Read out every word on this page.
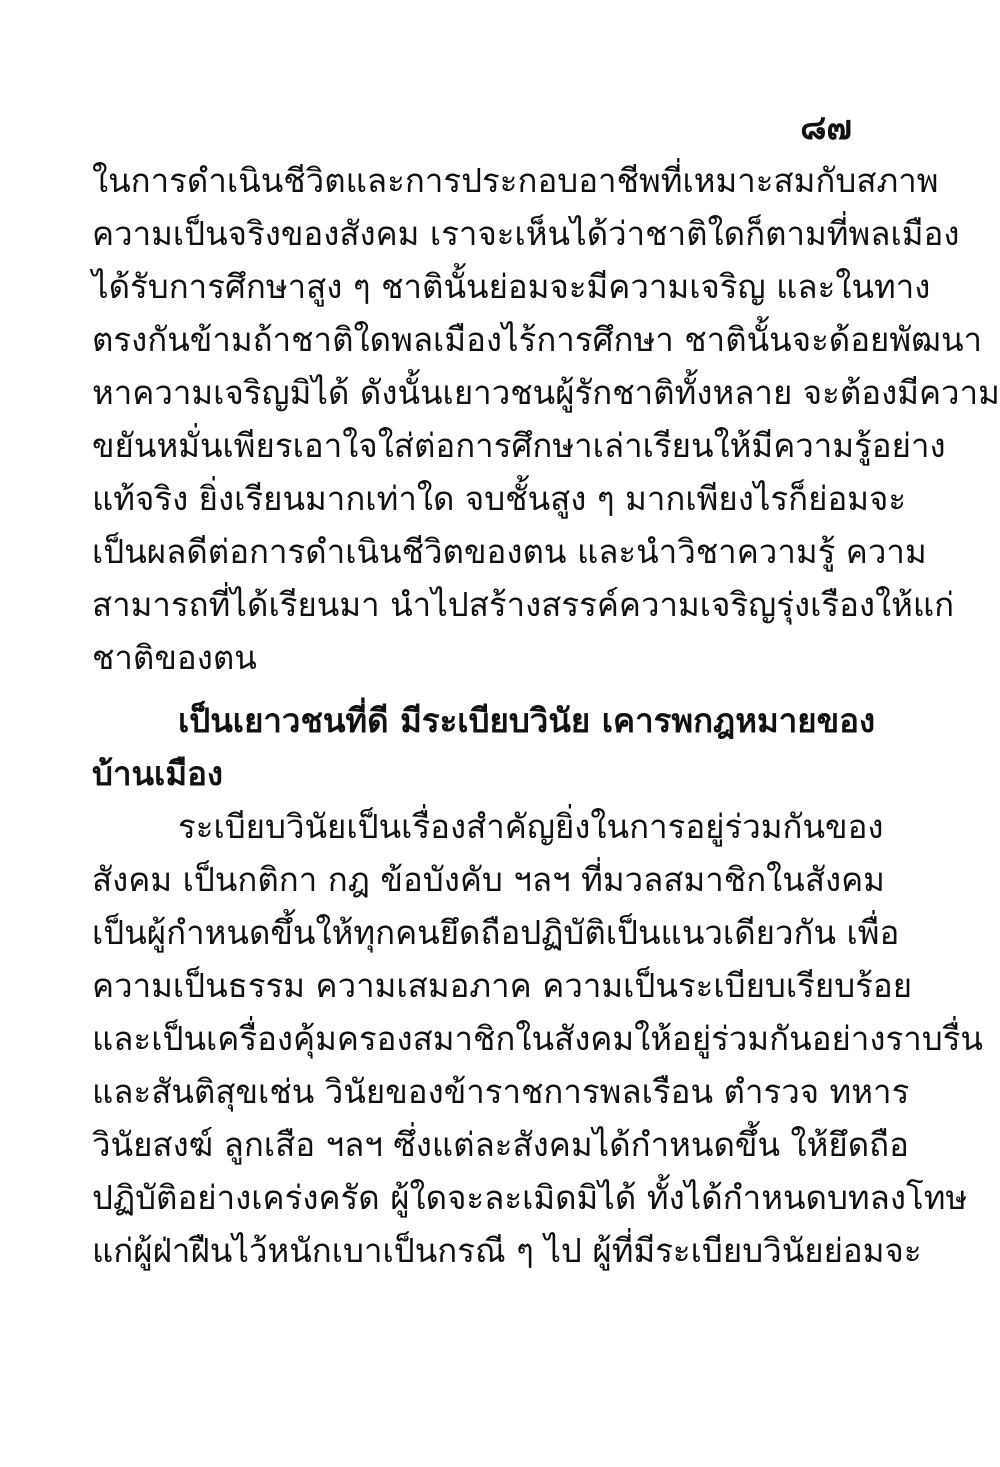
๘๗
ในการดำเนินชีวิตและการประกอบอาชีพที่เหมาะสมกับสภาพ
ความเป็นจริงของสังคม เราจะเห็นได้ว่าชาติใดก็ตามที่พลเมือง
ได้รับการศึกษาสูง ๆ ชาตินั้นย่อมจะมีความเจริญ และในทาง
ตรงกันข้ามถ้าชาติใดพลเมืองไร้การศึกษา ชาตินั้นจะด้อยพัฒนา
หาความเจริญมิได้ ดังนั้นเยาวชนผู้รักชาติทั้งหลาย จะต้องมีความ
ขยันหมั่นเพียรเอาใจใส่ต่อการศึกษาเล่าเรียนให้มีความรู้อย่าง
แท้จริง ยิ่งเรียนมากเท่าใด จบชั้นสูง ๆ มากเพียงไรก็ย่อมจะ
เป็นผลดีต่อการดำเนินชีวิตของตน และนำวิชาความรู้ ความ
สามารถที่ได้เรียนมา นำไปสร้างสรรค์ความเจริญรุ่งเรืองให้แก่
ชาติของตน
เป็นเยาวชนที่ดี มีระเบียบวินัย เคารพกฎหมายของ
บ้านเมือง
ระเบียบวินัยเป็นเรื่องสำคัญยิ่งในการอยู่ร่วมกันของ
สังคม เป็นกติกา กฎ ข้อบังคับ ฯลฯ ที่มวลสมาชิกในสังคม
เป็นผู้กำหนดขึ้นให้ทุกคนยึดถือปฏิบัติเป็นแนวเดียวกัน เพื่อ
ความเป็นธรรม ความเสมอภาค ความเป็นระเบียบเรียบร้อย
และเป็นเครื่องคุ้มครองสมาชิกในสังคมให้อยู่ร่วมกันอย่างราบรื่น
และสันติสุขเช่น วินัยของข้าราชการพลเรือน ตำรวจ ทหาร
วินัยสงฆ์ ลูกเสือ ฯลฯ ซึ่งแต่ละสังคมได้กำหนดขึ้น ให้ยึดถือ
ปฏิบัติอย่างเคร่งครัด ผู้ใดจะละเมิดมิได้ ทั้งได้กำหนดบทลงโทษ
แก่ผู้ฝ่าฝืนไว้หนักเบาเป็นกรณี ๆ ไป ผู้ที่มีระเบียบวินัยย่อมจะ
